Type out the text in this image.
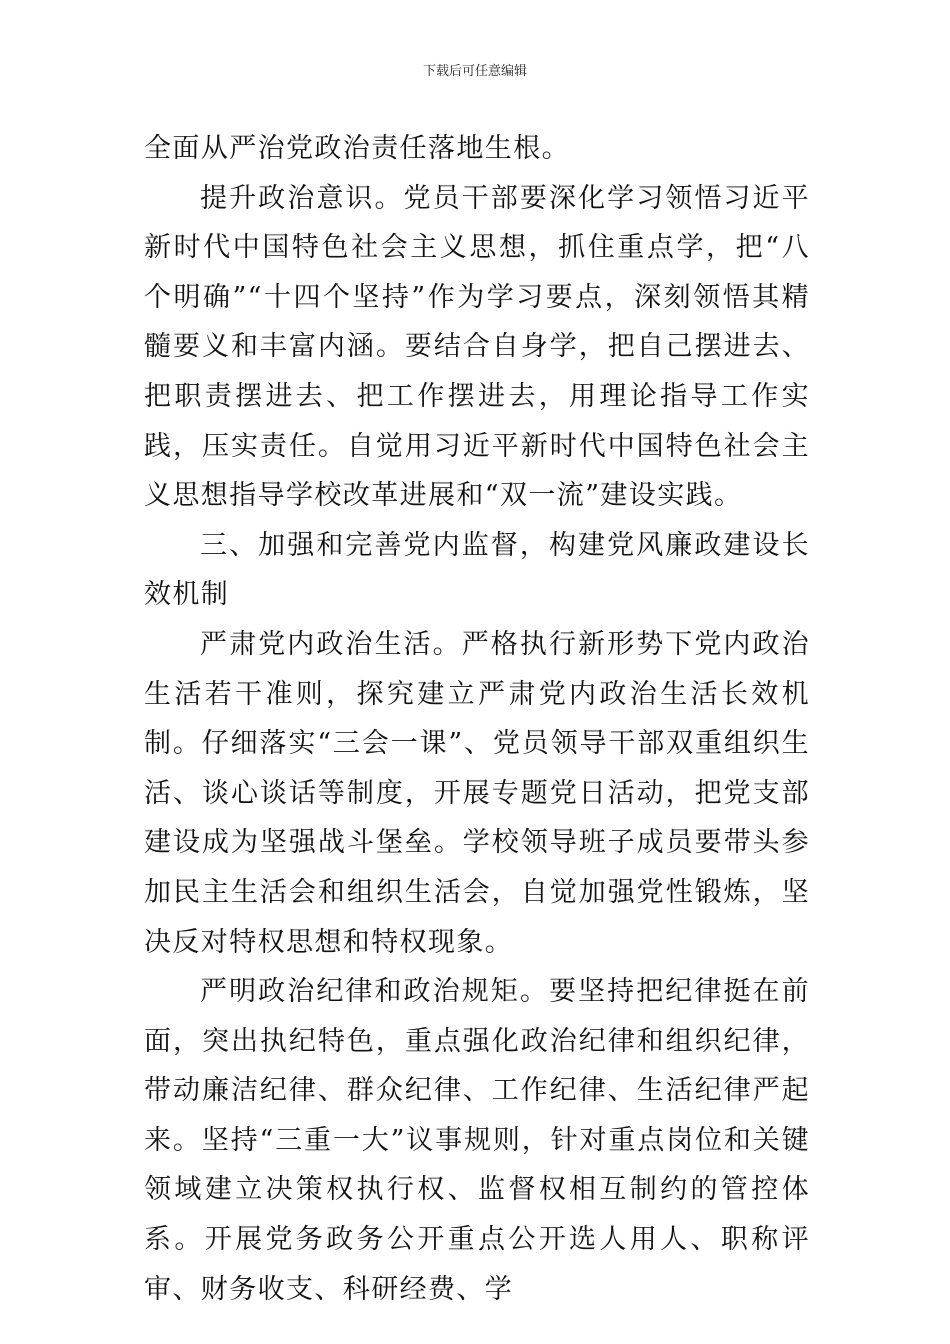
下载后可任意编辑

全面从严治党政治责任落地生根。

提升政治意识。党员干部要深化学习领悟习近平新时代中国特色社会主义思想，抓住重点学，把“八个明确”“十四个坚持”作为学习要点，深刻领悟其精髓要义和丰富内涵。要结合自身学，把自己摆进去、把职责摆进去、把工作摆进去，用理论指导工作实践，压实责任。自觉用习近平新时代中国特色社会主义思想指导学校改革进展和“双一流”建设实践。

三、加强和完善党内监督，构建党风廉政建设长效机制

严肃党内政治生活。严格执行新形势下党内政治生活若干准则，探究建立严肃党内政治生活长效机制。仔细落实“三会一课”、党员领导干部双重组织生活、谈心谈话等制度，开展专题党日活动，把党支部建设成为坚强战斗堡垒。学校领导班子成员要带头参加民主生活会和组织生活会，自觉加强党性锻炼，坚决反对特权思想和特权现象。

严明政治纪律和政治规矩。要坚持把纪律挺在前面，突出执纪特色，重点强化政治纪律和组织纪律，带动廉洁纪律、群众纪律、工作纪律、生活纪律严起来。坚持“三重一大”议事规则，针对重点岗位和关键领域建立决策权执行权、监督权相互制约的管控体系。开展党务政务公开重点公开选人用人、职称评审、财务收支、科研经费、学
